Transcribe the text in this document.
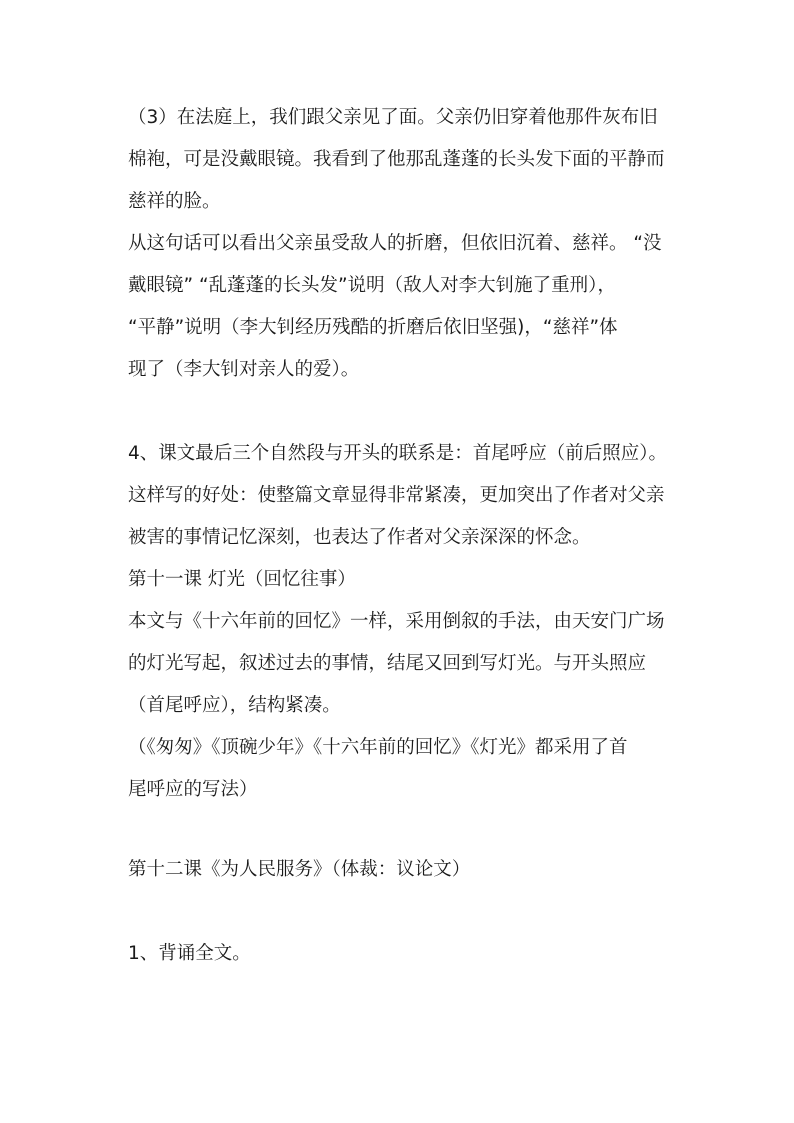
（3）在法庭上，我们跟父亲见了面。父亲仍旧穿着他那件灰布旧
棉袍，可是没戴眼镜。我看到了他那乱蓬蓬的长头发下面的平静而
慈祥的脸。
从这句话可以看出父亲虽受敌人的折磨，但依旧沉着、慈祥。 “没
戴眼镜” “乱蓬蓬的长头发”说明（敌人对李大钊施了重刑），
“平静”说明（李大钊经历残酷的折磨后依旧坚强)，“慈祥”体
现了（李大钊对亲人的爱）。
4、课文最后三个自然段与开头的联系是：首尾呼应（前后照应）。
这样写的好处：使整篇文章显得非常紧凑，更加突出了作者对父亲
被害的事情记忆深刻，也表达了作者对父亲深深的怀念。
第十一课 灯光（回忆往事）
本文与《十六年前的回忆》一样，采用倒叙的手法，由天安门广场
的灯光写起，叙述过去的事情，结尾又回到写灯光。与开头照应
（首尾呼应），结构紧凑。
（《匆匆》《顶碗少年》《十六年前的回忆》《灯光》都采用了首
尾呼应的写法）
第十二课《为人民服务》（体裁：议论文）
1、背诵全文。
